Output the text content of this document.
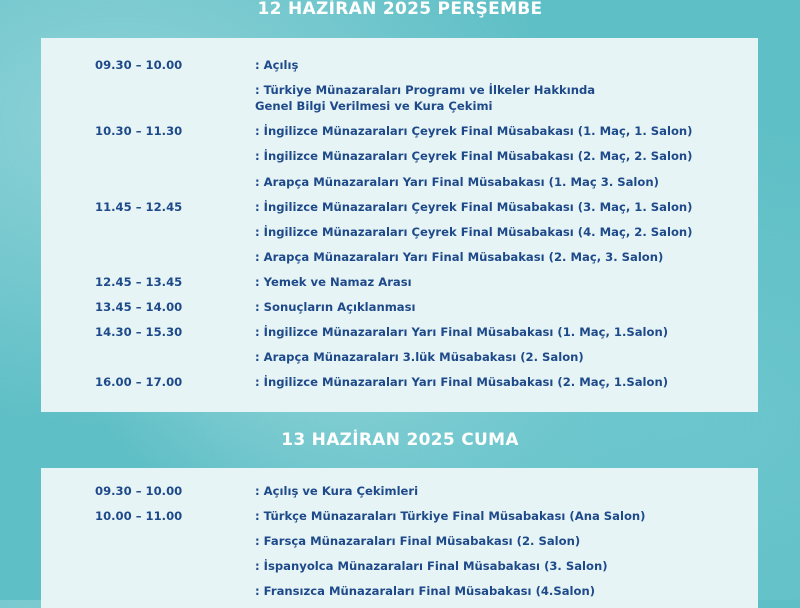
12 HAZİRAN 2025 PERŞEMBE
09.30 – 10.00	: Açılış
: Türkiye Münazaraları Programı ve İlkeler Hakkında Genel Bilgi Verilmesi ve Kura Çekimi
10.30 – 11.30	: İngilizce Münazaraları Çeyrek Final Müsabakası (1. Maç, 1. Salon)
: İngilizce Münazaraları Çeyrek Final Müsabakası (2. Maç, 2. Salon)
: Arapça Münazaraları Yarı Final Müsabakası (1. Maç 3. Salon)
11.45 – 12.45	: İngilizce Münazaraları Çeyrek Final Müsabakası (3. Maç, 1. Salon)
: İngilizce Münazaraları Çeyrek Final Müsabakası (4. Maç, 2. Salon)
: Arapça Münazaraları Yarı Final Müsabakası (2. Maç, 3. Salon)
12.45 – 13.45	: Yemek ve Namaz Arası
13.45 – 14.00	: Sonuçların Açıklanması
14.30 – 15.30	: İngilizce Münazaraları Yarı Final Müsabakası (1. Maç, 1.Salon)
: Arapça Münazaraları 3.lük Müsabakası (2. Salon)
16.00 – 17.00	: İngilizce Münazaraları Yarı Final Müsabakası (2. Maç, 1.Salon)
13 HAZİRAN 2025 CUMA
09.30 – 10.00	: Açılış ve Kura Çekimleri
10.00 – 11.00	: Türkçe Münazaraları Türkiye Final Müsabakası (Ana Salon)
: Farsça Münazaraları Final Müsabakası (2. Salon)
: İspanyolca Münazaraları Final Müsabakası (3. Salon)
: Fransızca Münazaraları Final Müsabakası (4.Salon)
